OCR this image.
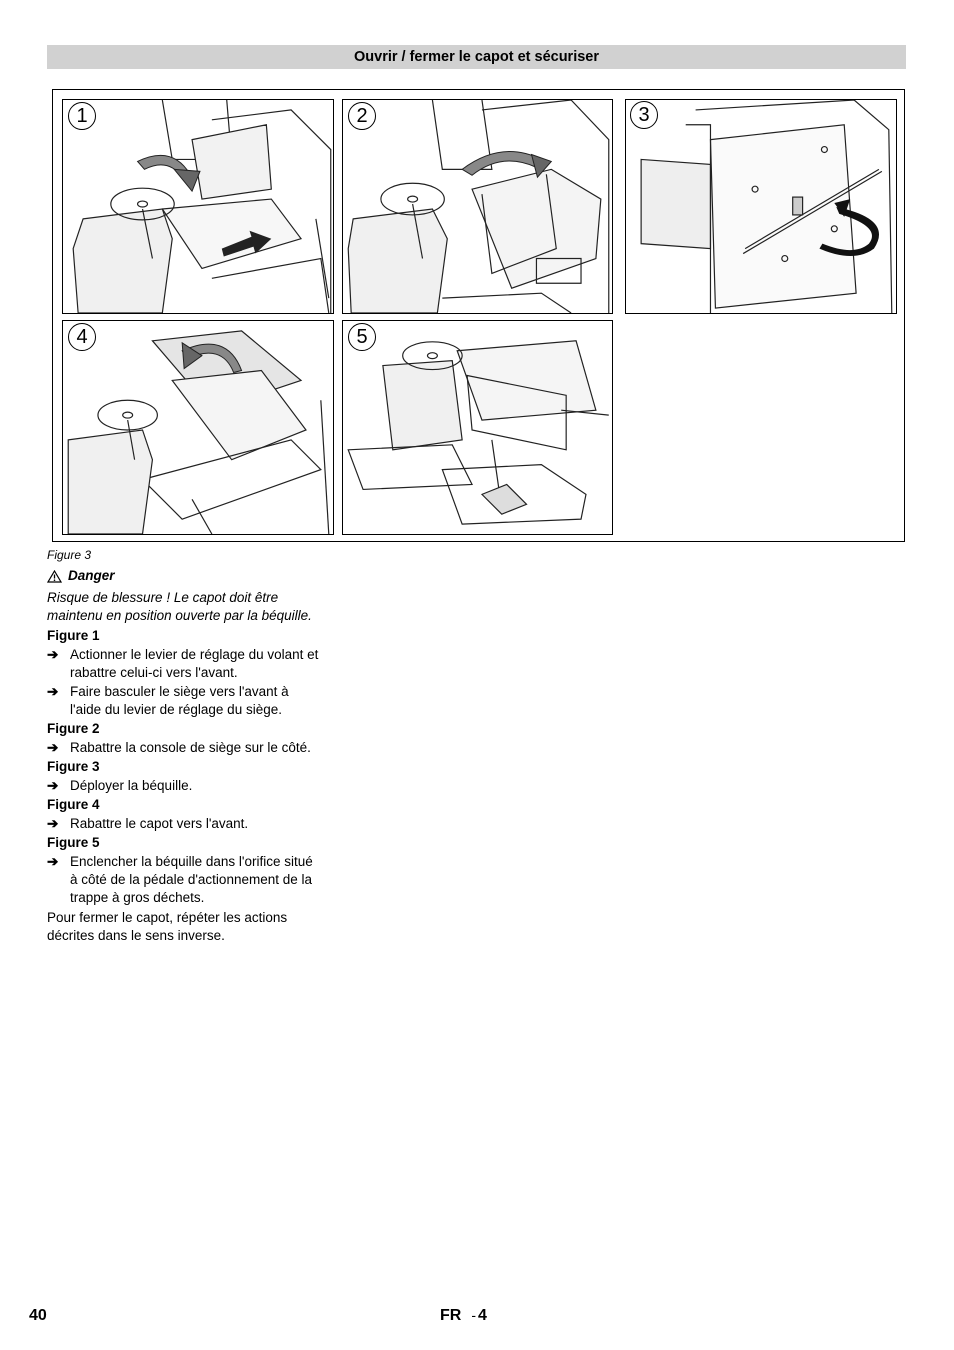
Ouvrir / fermer le capot et sécuriser
1	2	3
4	5
Figure 3
Danger
Risque de blessure ! Le capot doit être maintenu en position ouverte par la béquille.
Figure 1
➔ Actionner le levier de réglage du volant et rabattre celui-ci vers l'avant.
➔ Faire basculer le siège vers l'avant à l'aide du levier de réglage du siège.
Figure 2
➔ Rabattre la console de siège sur le côté.
Figure 3
➔ Déployer la béquille.
Figure 4
➔ Rabattre le capot vers l'avant.
Figure 5
➔ Enclencher la béquille dans l'orifice situé à côté de la pédale d'actionnement de la trappe à gros déchets.
Pour fermer le capot, répéter les actions décrites dans le sens inverse.
40	FR - 4
